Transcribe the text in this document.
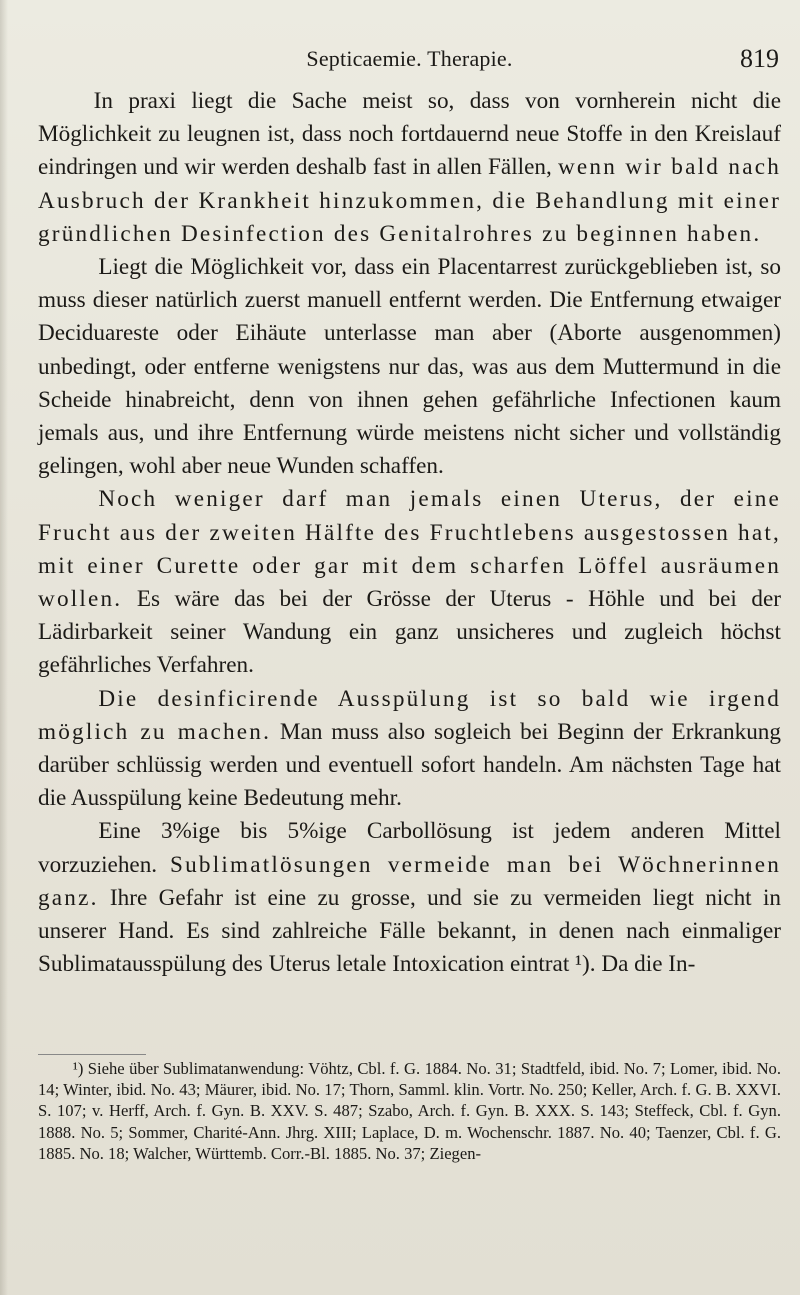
Septicaemie. Therapie.	819

In praxi liegt die Sache meist so, dass von vornherein nicht die Möglichkeit zu leugnen ist, dass noch fortdauernd neue Stoffe in den Kreislauf eindringen und wir werden deshalb fast in allen Fällen, wenn wir bald nach Ausbruch der Krankheit hinzukommen, die Behandlung mit einer gründlichen Desinfection des Genitalrohres zu beginnen haben.

Liegt die Möglichkeit vor, dass ein Placentarrest zurückgeblieben ist, so muss dieser natürlich zuerst manuell entfernt werden. Die Entfernung etwaiger Deciduareste oder Eihäute unterlasse man aber (Aborte ausgenommen) unbedingt, oder entferne wenigstens nur das, was aus dem Muttermund in die Scheide hinabreicht, denn von ihnen gehen gefährliche Infectionen kaum jemals aus, und ihre Entfernung würde meistens nicht sicher und vollständig gelingen, wohl aber neue Wunden schaffen.

Noch weniger darf man jemals einen Uterus, der eine Frucht aus der zweiten Hälfte des Fruchtlebens ausgestossen hat, mit einer Curette oder gar mit dem scharfen Löffel ausräumen wollen. Es wäre das bei der Grösse der Uterus - Höhle und bei der Lädirbarkeit seiner Wandung ein ganz unsicheres und zugleich höchst gefährliches Verfahren.

Die desinficirende Ausspülung ist so bald wie irgend möglich zu machen. Man muss also sogleich bei Beginn der Erkrankung darüber schlüssig werden und eventuell sofort handeln. Am nächsten Tage hat die Ausspülung keine Bedeutung mehr.

Eine 3%ige bis 5%ige Carbollösung ist jedem anderen Mittel vorzuziehen. Sublimatlösungen vermeide man bei Wöchnerinnen ganz. Ihre Gefahr ist eine zu grosse, und sie zu vermeiden liegt nicht in unserer Hand. Es sind zahlreiche Fälle bekannt, in denen nach einmaliger Sublimatausspülung des Uterus letale Intoxication eintrat ¹). Da die In-

¹) Siehe über Sublimatanwendung: Vöhtz, Cbl. f. G. 1884. No. 31; Stadtfeld, ibid. No. 7; Lomer, ibid. No. 14; Winter, ibid. No. 43; Mäurer, ibid. No. 17; Thorn, Samml. klin. Vortr. No. 250; Keller, Arch. f. G. B. XXVI. S. 107; v. Herff, Arch. f. Gyn. B. XXV. S. 487; Szabo, Arch. f. Gyn. B. XXX. S. 143; Steffeck, Cbl. f. Gyn. 1888. No. 5; Sommer, Charité-Ann. Jhrg. XIII; Laplace, D. m. Wochenschr. 1887. No. 40; Taenzer, Cbl. f. G. 1885. No. 18; Walcher, Württemb. Corr.-Bl. 1885. No. 37; Ziegen-
